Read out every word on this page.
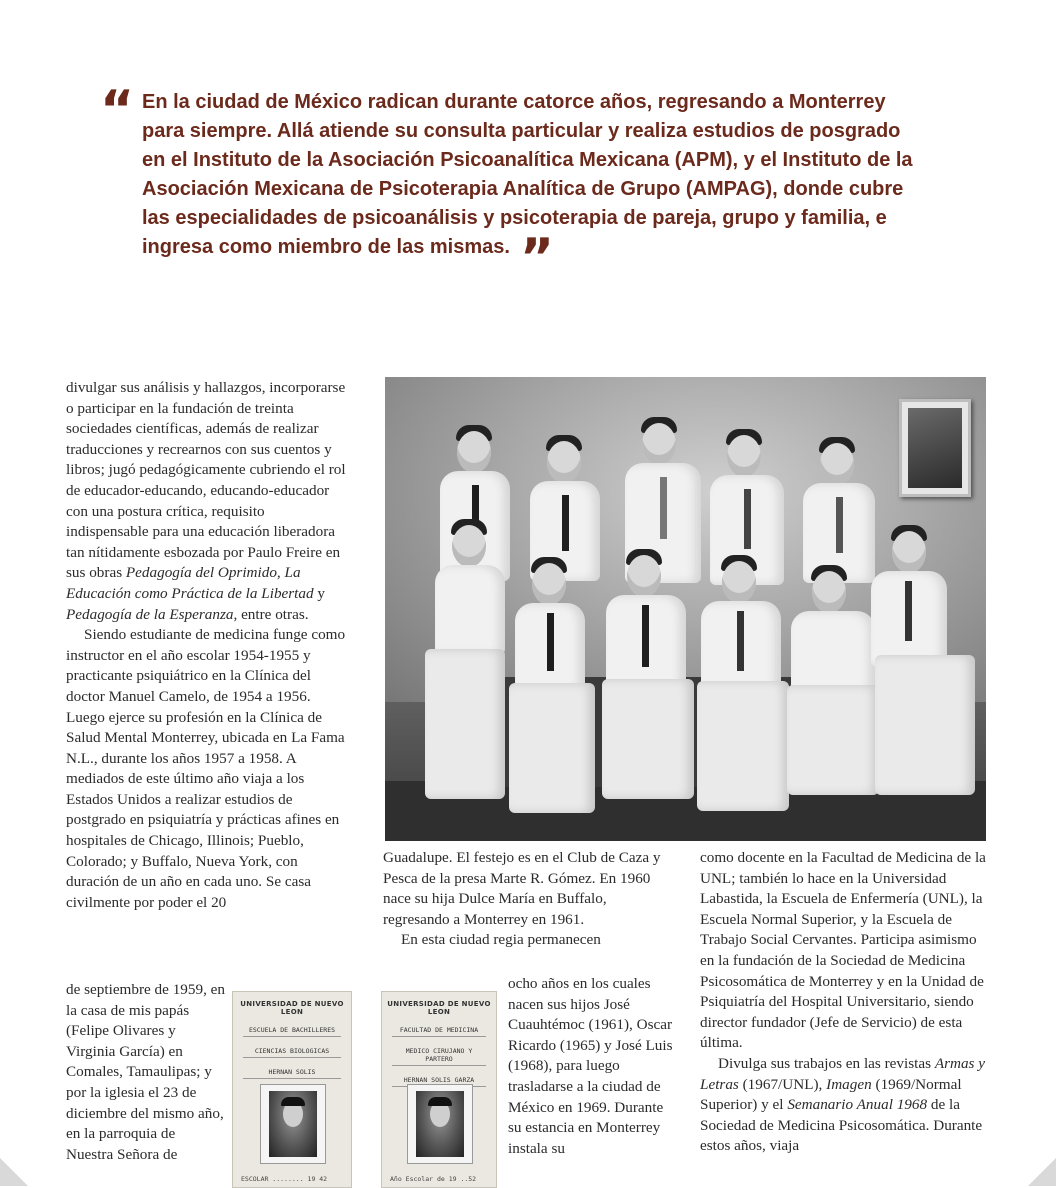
“ En la ciudad de México radican durante catorce años, regresando a Monterrey para siempre. Allá atiende su consulta particular y realiza estudios de posgrado en el Instituto de la Asociación Psicoanalítica Mexicana (APM), y el Instituto de la Asociación Mexicana de Psicoterapia Analítica de Grupo (AMPAG), donde cubre las especialidades de psicoanálisis y psicoterapia de pareja, grupo y familia, e ingresa como miembro de las mismas. ”

divulgar sus análisis y hallazgos, incorporarse o participar en la fundación de treinta sociedades científicas, además de realizar traducciones y recrearnos con sus cuentos y libros; jugó pedagógicamente cubriendo el rol de educador-educando, educando-educador con una postura crítica, requisito indispensable para una educación liberadora tan nítidamente esbozada por Paulo Freire en sus obras Pedagogía del Oprimido, La Educación como Práctica de la Libertad y Pedagogía de la Esperanza, entre otras.

Siendo estudiante de medicina funge como instructor en el año escolar 1954-1955 y practicante psiquiátrico en la Clínica del doctor Manuel Camelo, de 1954 a 1956. Luego ejerce su profesión en la Clínica de Salud Mental Monterrey, ubicada en La Fama N.L., durante los años 1957 a 1958. A mediados de este último año viaja a los Estados Unidos a realizar estudios de postgrado en psiquiatría y prácticas afines en hospitales de Chicago, Illinois; Pueblo, Colorado; y Buffalo, Nueva York, con duración de un año en cada uno. Se casa civilmente por poder el 20

de septiembre de 1959, en la casa de mis papás (Felipe Olivares y Virginia García) en Comales, Tamaulipas; y por la iglesia el 23 de diciembre del mismo año, en la parroquia de Nuestra Señora de

Guadalupe. El festejo es en el Club de Caza y Pesca de la presa Marte R. Gómez. En 1960 nace su hija Dulce María en Buffalo, regresando a Monterrey en 1961.

En esta ciudad regia permanecen

ocho años en los cuales nacen sus hijos José Cuauhtémoc (1961), Oscar Ricardo (1965) y José Luis (1968), para luego trasladarse a la ciudad de México en 1969. Durante su estancia en Monterrey instala su

como docente en la Facultad de Medicina de la UNL; también lo hace en la Universidad Labastida, la Escuela de Enfermería (UNL), la Escuela Normal Superior, y la Escuela de Trabajo Social Cervantes. Participa asimismo en la fundación de la Sociedad de Medicina Psicosomática de Monterrey y en la Unidad de Psiquiatría del Hospital Universitario, siendo director fundador (Jefe de Servicio) de esta última.

Divulga sus trabajos en las revistas Armas y Letras (1967/UNL), Imagen (1969/Normal Superior) y el Semanario Anual 1968 de la Sociedad de Medicina Psicosomática. Durante estos años, viaja

UNIVERSIDAD DE NUEVO LEON
ESCUELA DE BACHILLERES
CIENCIAS BIOLOGICAS
HERNAN SOLIS
ESCOLAR ........ 19 42
UNIVERSIDAD DE NUEVO LEON
FACULTAD DE MEDICINA
MEDICO CIRUJANO Y PARTERO
HERNAN SOLIS GARZA
Año Escolar de 19 ..52
